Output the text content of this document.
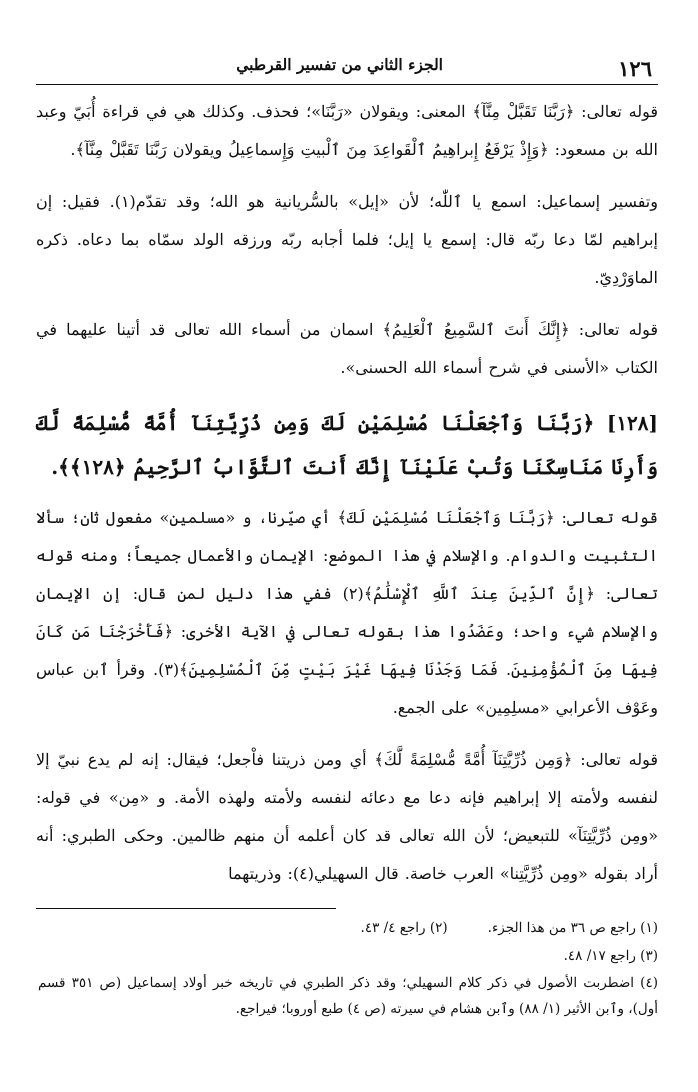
١٢٦
الجزء الثاني من تفسير القرطبي

قوله تعالى: ﴿رَبَّنَا تَقَبَّلْ مِنَّآ﴾ المعنى: ويقولان «رَبَّنَا»؛ فحذف. وكذلك هي في قراءة أُبَيّ وعبد الله بن مسعود: ﴿وَإِذْ يَرْفَعُ إِبراهِيمُ ٱلْقَواعِدَ مِنَ ٱلْبيتِ وَإِسماعِيلُ ويقولان رَبَّنَا تَقَبَّلْ مِنَّآ﴾.

وتفسير إسماعيل: اسمع يا ٱللّٰه؛ لأن «إيل» بالسُّريانية هو الله؛ وقد تقدّم(١). فقيل: إن إبراهيم لمّا دعا ربّه قال: إسمع يا إيل؛ فلما أجابه ربّه ورزقه الولد سمّاه بما دعاه. ذكره الماوَرْدِيّ.

قوله تعالى: ﴿إِنَّكَ أَنتَ ٱلسَّمِيعُ ٱلْعَلِيمُ﴾ اسمان من أسماء الله تعالى قد أتينا عليهما في الكتاب «الأسنى في شرح أسماء الله الحسنى».

[١٢٨] ﴿رَبَّنَا وَٱجْعَلْنَا مُسْلِمَيْنِ لَكَ وَمِن ذُرِّيَّتِنَآ أُمَّةً مُّسْلِمَةً لَّكَ وَأَرِنَا مَنَاسِكَنَا وَتُبْ عَلَيْنَآ إِنَّكَ أَنتَ ٱلتَّوَّابُ ٱلرَّحِيمُ ﴿١٢٨﴾﴾.

قوله تعالى: ﴿رَبَّنَا وَٱجْعَلْنَا مُسْلِمَيْنِ لَكَ﴾ أي صيّرنا، و «مسلمين» مفعول ثان؛ سألا التثبيت والدوام. والإسلام في هذا الموضع: الإيمان والأعمال جميعاً؛ ومنه قوله تعالى: ﴿إِنَّ ٱلدِّينَ عِندَ ٱللَّهِ ٱلْإِسْلَٰمُ﴾(٢) ففي هذا دليل لمن قال: إن الإيمان والإسلام شيء واحد؛ وعَضَدُوا هذا بقوله تعالى في الآية الأخرى: ﴿فَأَخْرَجْنَا مَن كَانَ فِيهَا مِنَ ٱلْمُؤْمِنِينَ. فَمَا وَجَدْنَا فِيهَا غَيْرَ بَيْتٍ مِّنَ ٱلْمُسْلِمِينَ﴾(٣). وقرأ ٱبن عباس وعَوْف الأعرابي «مسلِمِين» على الجمع.

قوله تعالى: ﴿وَمِن ذُرِّيَّتِنَآ أُمَّةً مُّسْلِمَةً لَّكَ﴾ أي ومن ذريتنا فاْجعل؛ فيقال: إنه لم يدع نبيّ إلا لنفسه ولأمته إلا إبراهيم فإنه دعا مع دعائه لنفسه ولأمته ولهذه الأمة. و «مِن» في قوله: «ومِن ذُرِّيَّتِنَآ» للتبعيض؛ لأن الله تعالى قد كان أعلمه أن منهم ظالمين. وحكى الطبري: أنه أراد بقوله «ومِن ذُرِّيَّتِنا» العرب خاصة. قال السهيلي(٤): وذريتهما

(١) راجع ص ٣٦ من هذا الجزء.
(٢) راجع ٤/ ٤٣.
(٣) راجع ١٧/ ٤٨.
(٤) اضطربت الأصول في ذكر كلام السهيلي؛ وقد ذكر الطبري في تاريخه خبر أولاد إسماعيل (ص ٣٥١ قسم أول)، وٱبن الأثير (١/ ٨٨) وٱبن هشام في سيرته (ص ٤) طبع أوروبا؛ فيراجع.
